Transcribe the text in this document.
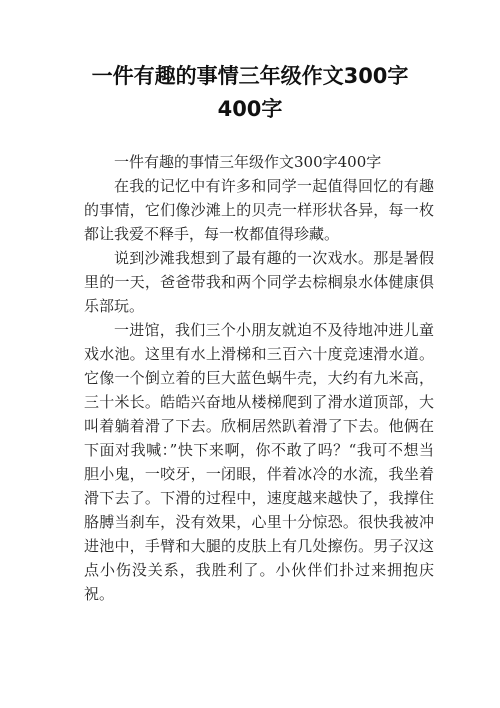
一件有趣的事情三年级作文300字400字

一件有趣的事情三年级作文300字400字

在我的记忆中有许多和同学一起值得回忆的有趣的事情，它们像沙滩上的贝壳一样形状各异，每一枚都让我爱不释手，每一枚都值得珍藏。

说到沙滩我想到了最有趣的一次戏水。那是暑假里的一天，爸爸带我和两个同学去棕榈泉水体健康俱乐部玩。

一进馆，我们三个小朋友就迫不及待地冲进儿童戏水池。这里有水上滑梯和三百六十度竞速滑水道。它像一个倒立着的巨大蓝色蜗牛壳，大约有九米高，三十米长。皓皓兴奋地从楼梯爬到了滑水道顶部，大叫着躺着滑了下去。欣桐居然趴着滑了下去。他俩在下面对我喊：”快下来啊，你不敢了吗？“我可不想当胆小鬼，一咬牙，一闭眼，伴着冰冷的水流，我坐着滑下去了。下滑的过程中，速度越来越快了，我撑住胳膊当刹车，没有效果，心里十分惊恐。很快我被冲进池中，手臂和大腿的皮肤上有几处擦伤。男子汉这点小伤没关系，我胜利了。小伙伴们扑过来拥抱庆祝。
